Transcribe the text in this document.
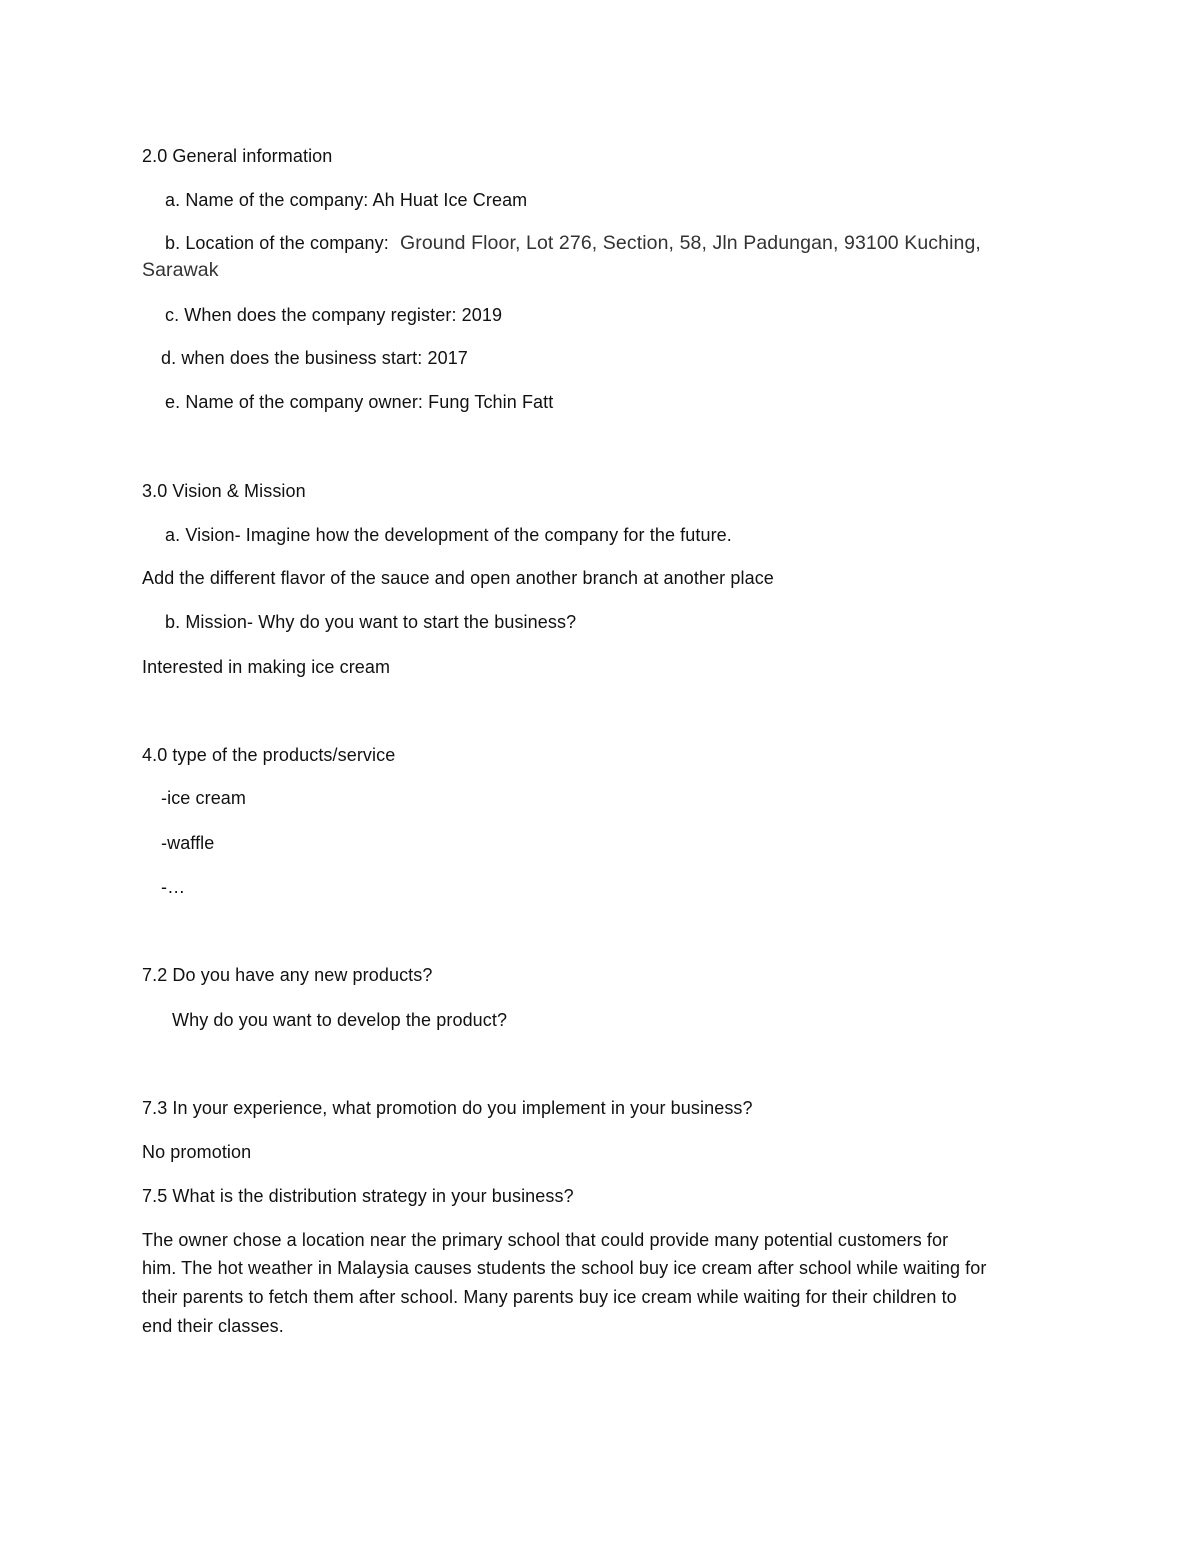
2.0 General information
a. Name of the company: Ah Huat Ice Cream
b. Location of the company: Ground Floor, Lot 276, Section, 58, Jln Padungan, 93100 Kuching,
Sarawak
c. When does the company register: 2019
d. when does the business start: 2017
e. Name of the company owner: Fung Tchin Fatt
3.0 Vision & Mission
a. Vision- Imagine how the development of the company for the future.
Add the different flavor of the sauce and open another branch at another place
b. Mission- Why do you want to start the business?
Interested in making ice cream
4.0 type of the products/service
-ice cream
-waffle
-…
7.2 Do you have any new products?
Why do you want to develop the product?
7.3 In your experience, what promotion do you implement in your business?
No promotion
7.5 What is the distribution strategy in your business?
The owner chose a location near the primary school that could provide many potential customers for
him. The hot weather in Malaysia causes students the school buy ice cream after school while waiting for
their parents to fetch them after school. Many parents buy ice cream while waiting for their children to
end their classes.
